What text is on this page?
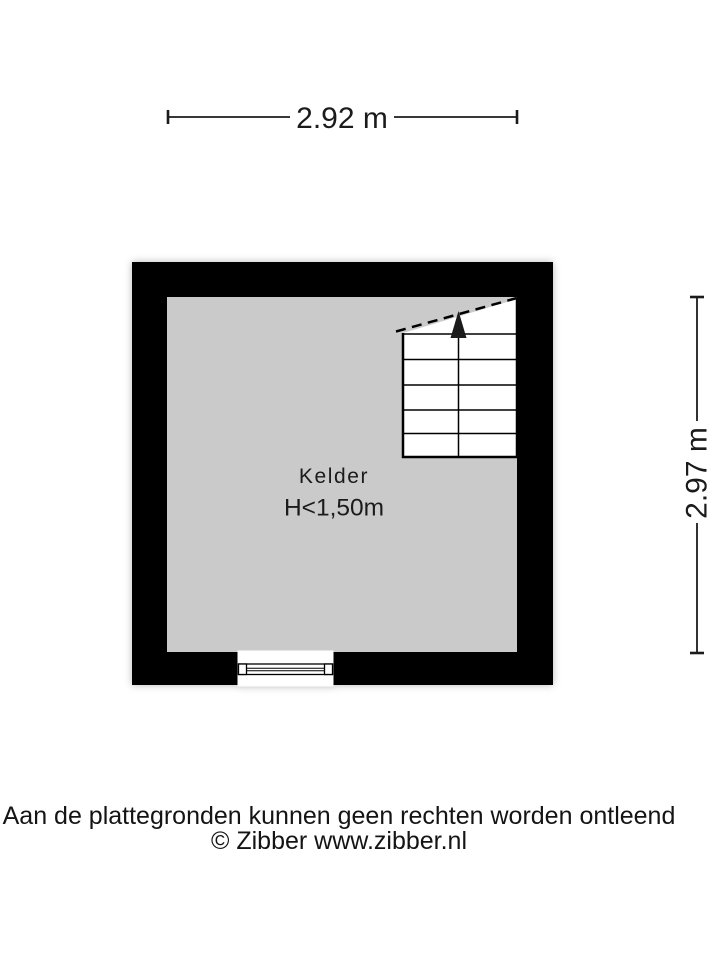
2.92 m
2.97 m
Kelder
H<1,50m
Aan de plattegronden kunnen geen rechten worden ontleend
© Zibber www.zibber.nl
